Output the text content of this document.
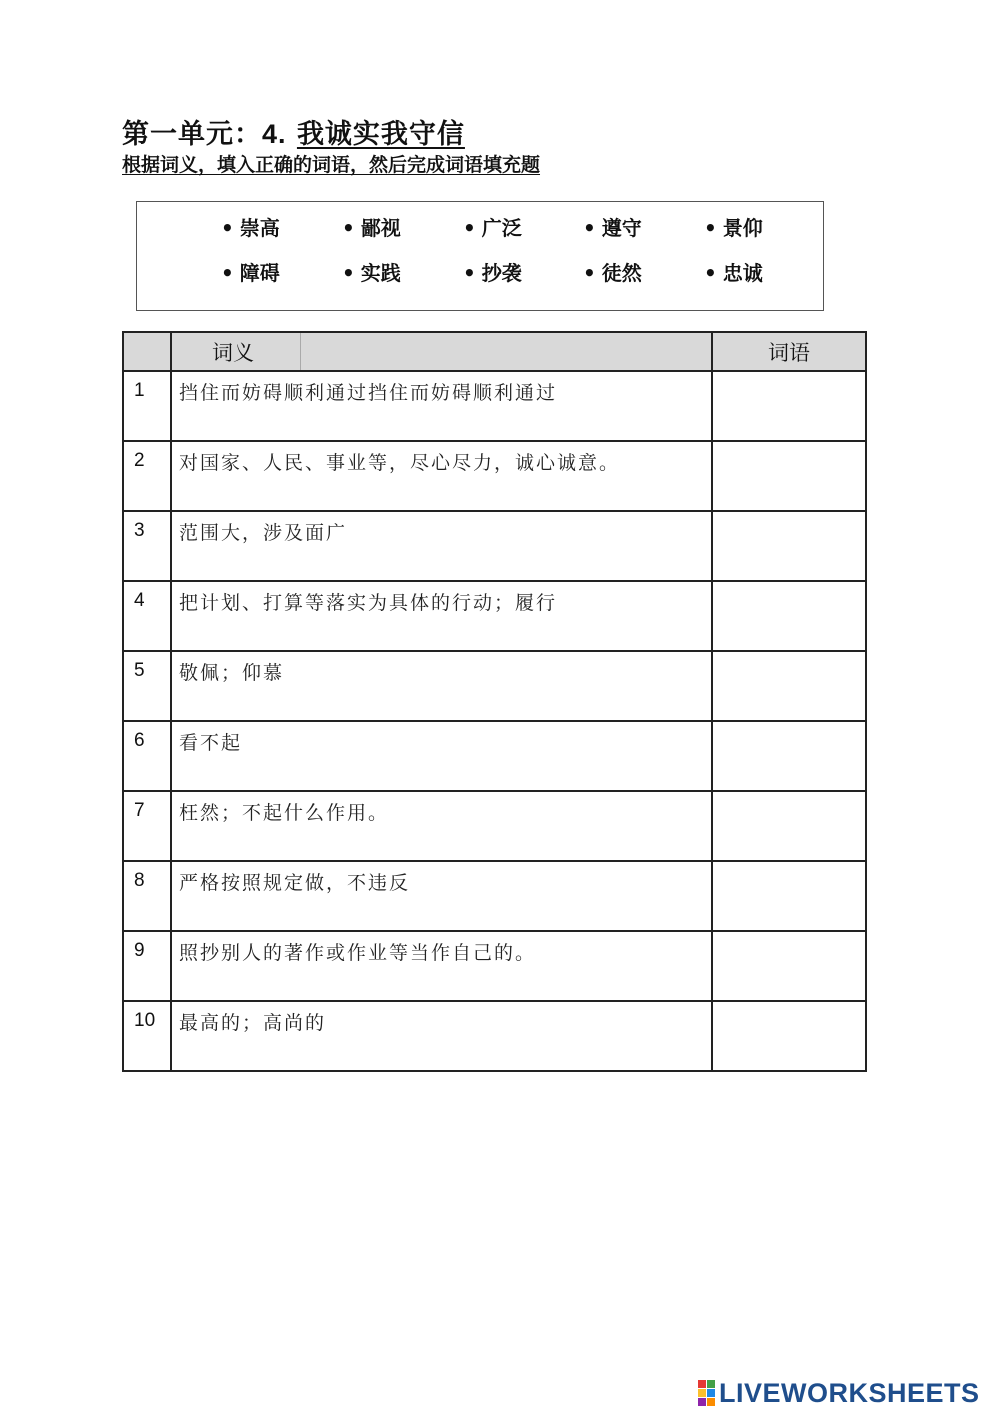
第一单元：4. 我诚实我守信
根据词义，填入正确的词语，然后完成词语填充题
• 崇高	• 鄙视	• 广泛	• 遵守	• 景仰
• 障碍	• 实践	• 抄袭	• 徒然	• 忠诚
	词义	词语
1	挡住而妨碍顺利通过挡住而妨碍顺利通过	
2	对国家、人民、事业等，尽心尽力，诚心诚意。	
3	范围大，涉及面广	
4	把计划、打算等落实为具体的行动；履行	
5	敬佩；仰慕	
6	看不起	
7	枉然；不起什么作用。	
8	严格按照规定做，不违反	
9	照抄别人的著作或作业等当作自己的。	
10	最高的；高尚的	
LIVEWORKSHEETS
